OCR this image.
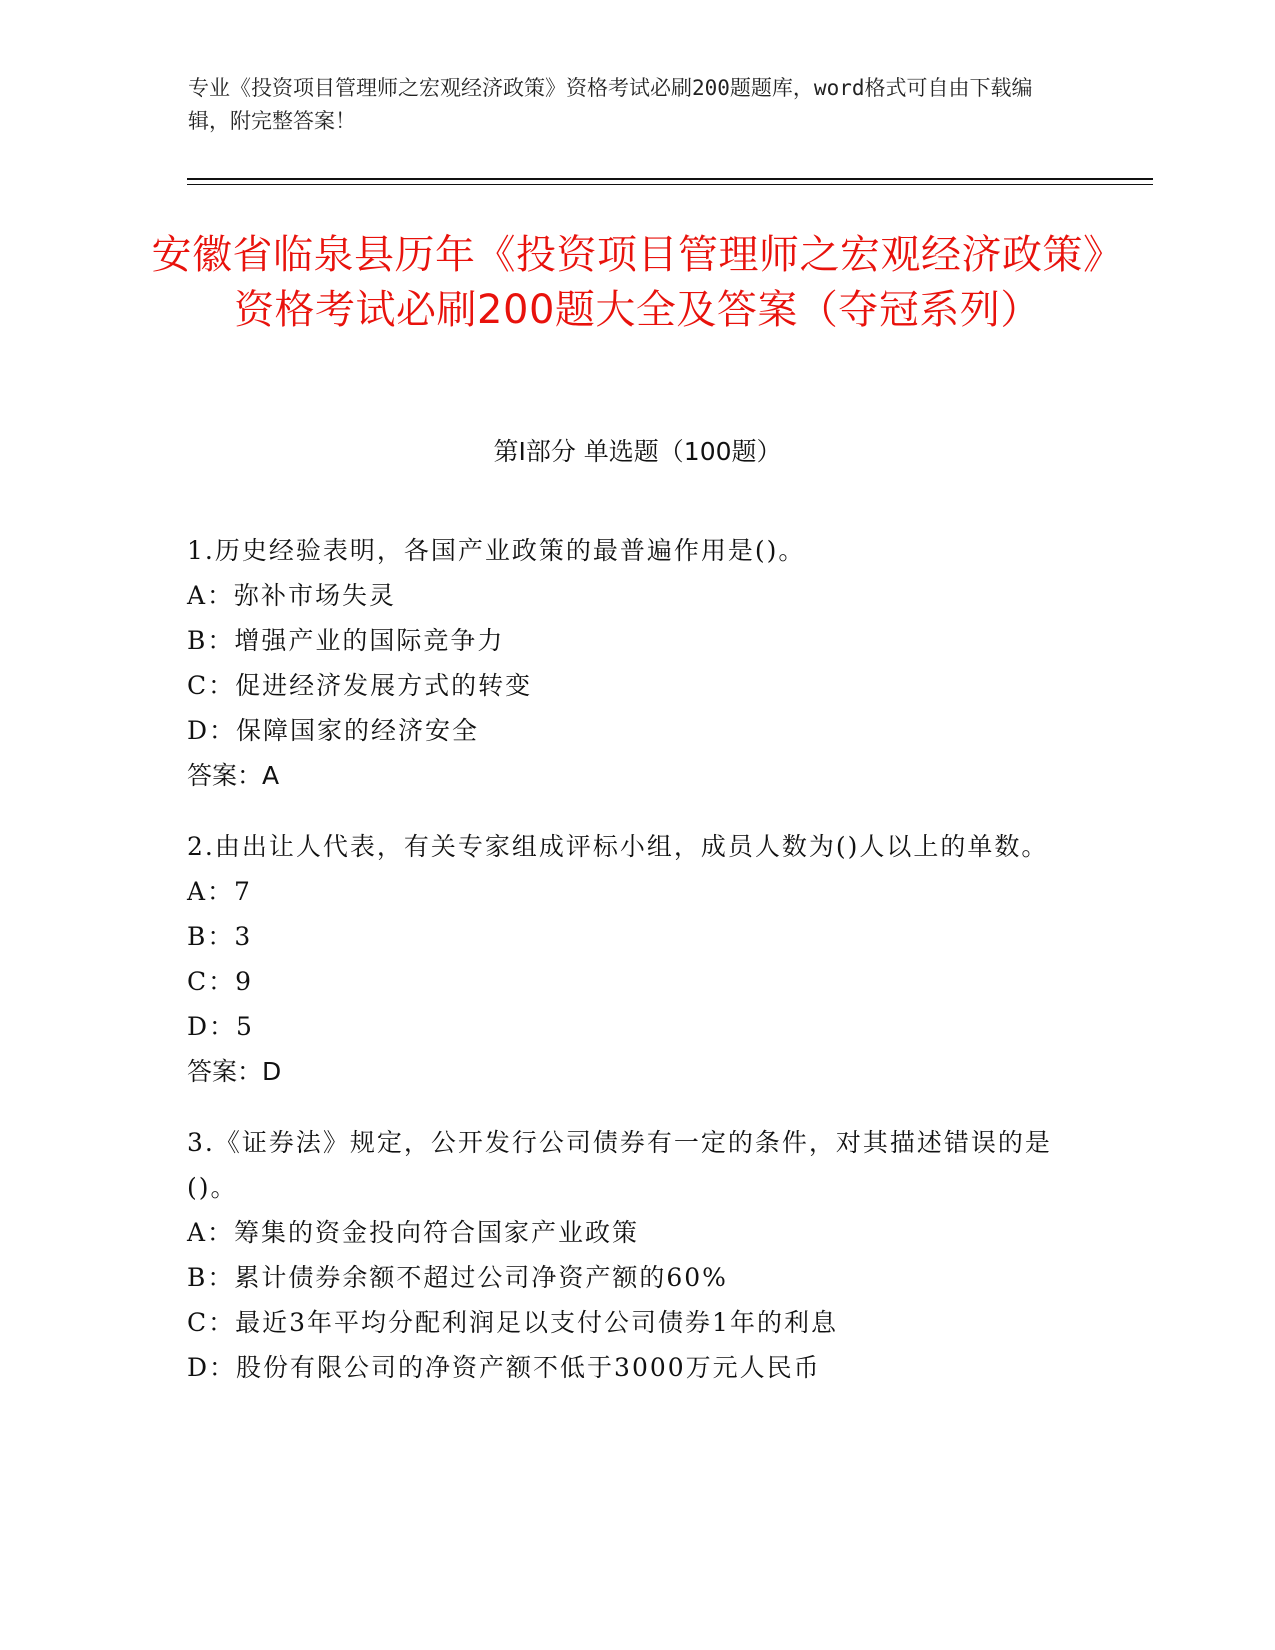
专业《投资项目管理师之宏观经济政策》资格考试必刷200题题库，word格式可自由下载编辑，附完整答案！
安徽省临泉县历年《投资项目管理师之宏观经济政策》资格考试必刷200题大全及答案（夺冠系列）
第I部分 单选题（100题）
1.历史经验表明，各国产业政策的最普遍作用是()。
A：弥补市场失灵
B：增强产业的国际竞争力
C：促进经济发展方式的转变
D：保障国家的经济安全
答案：A
2.由出让人代表，有关专家组成评标小组，成员人数为()人以上的单数。
A：7
B：3
C：9
D：5
答案：D
3.《证券法》规定，公开发行公司债券有一定的条件，对其描述错误的是()。
A：筹集的资金投向符合国家产业政策
B：累计债券余额不超过公司净资产额的60%
C：最近3年平均分配利润足以支付公司债券1年的利息
D：股份有限公司的净资产额不低于3000万元人民币
